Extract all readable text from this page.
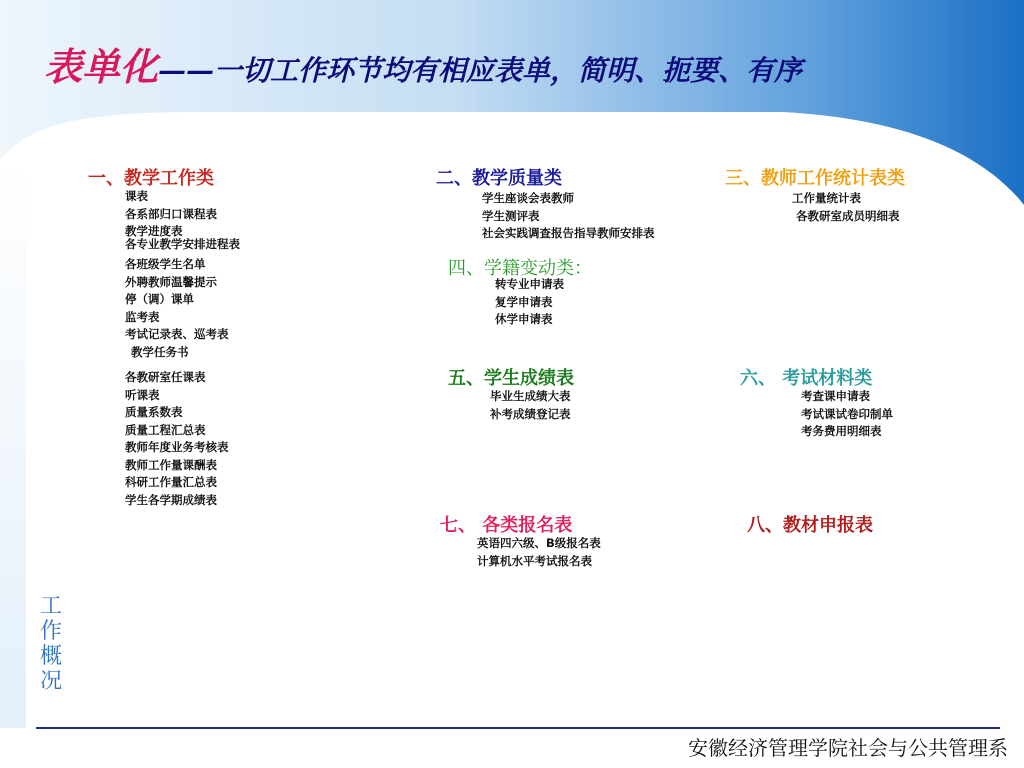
表单化——一切工作环节均有相应表单，简明、扼要、有序
一、教学工作类
课表
各系部归口课程表
教学进度表
各专业教学安排进程表
各班级学生名单
外聘教师温馨提示
停（调）课单
监考表
考试记录表、巡考表
教学任务书
各教研室任课表
听课表
质量系数表
质量工程汇总表
教师年度业务考核表
教师工作量课酬表
科研工作量汇总表
学生各学期成绩表
二、教学质量类
学生座谈会表教师
学生测评表
社会实践调查报告指导教师安排表
三、教师工作统计表类
工作量统计表
各教研室成员明细表
四、学籍变动类：
转专业申请表
复学申请表
休学申请表
五、学生成绩表
毕业生成绩大表
补考成绩登记表
六、 考试材料类
考查课申请表
考试课试卷印制单
考务费用明细表
七、 各类报名表
英语四六级、B级报名表
计算机水平考试报名表
八、教材申报表
工
作
概
况
安徽经济管理学院社会与公共管理系
